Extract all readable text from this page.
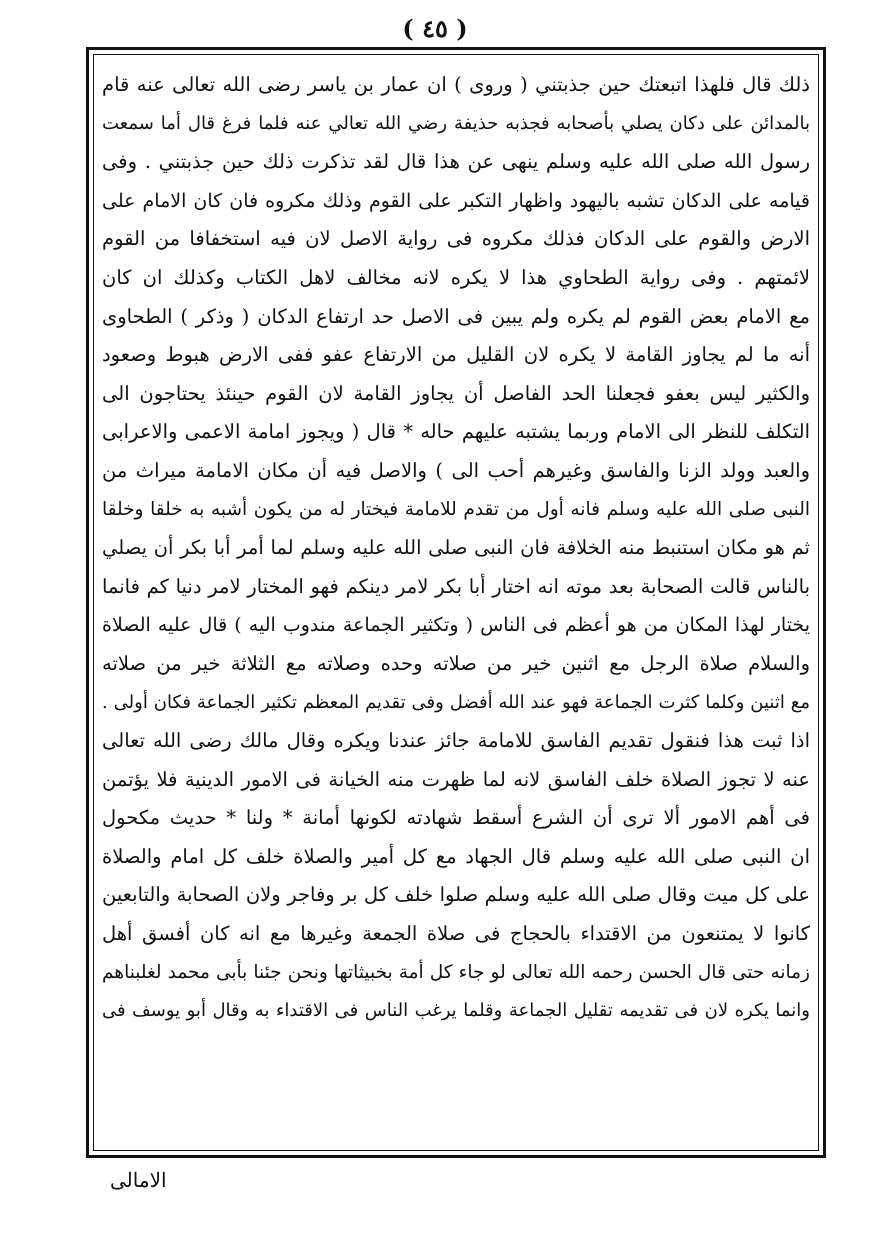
( ٤٥ )
ذلك قال فلهذا اتبعتك حين جذبتني ( وروى ) ان عمار بن ياسر رضى الله تعالى عنه قام
بالمدائن على دكان يصلي بأصحابه فجذبه حذيفة رضي الله تعالي عنه فلما فرغ قال أما سمعت
رسول الله صلى الله عليه وسلم ينهى عن هذا قال لقد تذكرت ذلك حين جذبتني . وفى
قيامه على الدكان تشبه باليهود واظهار التكبر على القوم وذلك مكروه فان كان الامام على
الارض والقوم على الدكان فذلك مكروه فى رواية الاصل لان فيه استخفافا من القوم
لائمتهم . وفى رواية الطحاوي هذا لا يكره لانه مخالف لاهل الكتاب وكذلك ان كان
مع الامام بعض القوم لم يكره ولم يبين فى الاصل حد ارتفاع الدكان ( وذكر ) الطحاوى
أنه ما لم يجاوز القامة لا يكره لان القليل من الارتفاع عفو ففى الارض هبوط وصعود
والكثير ليس بعفو فجعلنا الحد الفاصل أن يجاوز القامة لان القوم حينئذ يحتاجون الى
التكلف للنظر الى الامام وربما يشتبه عليهم حاله * قال ( ويجوز امامة الاعمى والاعرابى
والعبد وولد الزنا والفاسق وغيرهم أحب الى ) والاصل فيه أن مكان الامامة ميراث من
النبى صلى الله عليه وسلم فانه أول من تقدم للامامة فيختار له من يكون أشبه به خلقا وخلقا
ثم هو مكان استنبط منه الخلافة فان النبى صلى الله عليه وسلم لما أمر أبا بكر أن يصلي
بالناس قالت الصحابة بعد موته انه اختار أبا بكر لامر دينكم فهو المختار لامر دنيا كم فانما
يختار لهذا المكان من هو أعظم فى الناس ( وتكثير الجماعة مندوب اليه ) قال عليه الصلاة
والسلام صلاة الرجل مع اثنين خير من صلاته وحده وصلاته مع الثلاثة خير من صلاته
مع اثنين وكلما كثرت الجماعة فهو عند الله أفضل وفى تقديم المعظم تكثير الجماعة فكان أولى .
اذا ثبت هذا فنقول تقديم الفاسق للامامة جائز عندنا ويكره وقال مالك رضى الله تعالى
عنه لا تجوز الصلاة خلف الفاسق لانه لما ظهرت منه الخيانة فى الامور الدينية فلا يؤتمن
فى أهم الامور ألا ترى أن الشرع أسقط شهادته لكونها أمانة * ولنا * حديث مكحول
ان النبى صلى الله عليه وسلم قال الجهاد مع كل أمير والصلاة خلف كل امام والصلاة
على كل ميت وقال صلى الله عليه وسلم صلوا خلف كل بر وفاجر ولان الصحابة والتابعين
كانوا لا يمتنعون من الاقتداء بالحجاج فى صلاة الجمعة وغيرها مع انه كان أفسق أهل
زمانه حتى قال الحسن رحمه الله تعالى لو جاء كل أمة بخبيثاتها ونحن جئنا بأبى محمد لغلبناهم
وانما يكره لان فى تقديمه تقليل الجماعة وقلما يرغب الناس فى الاقتداء به وقال أبو يوسف فى
الامالى
